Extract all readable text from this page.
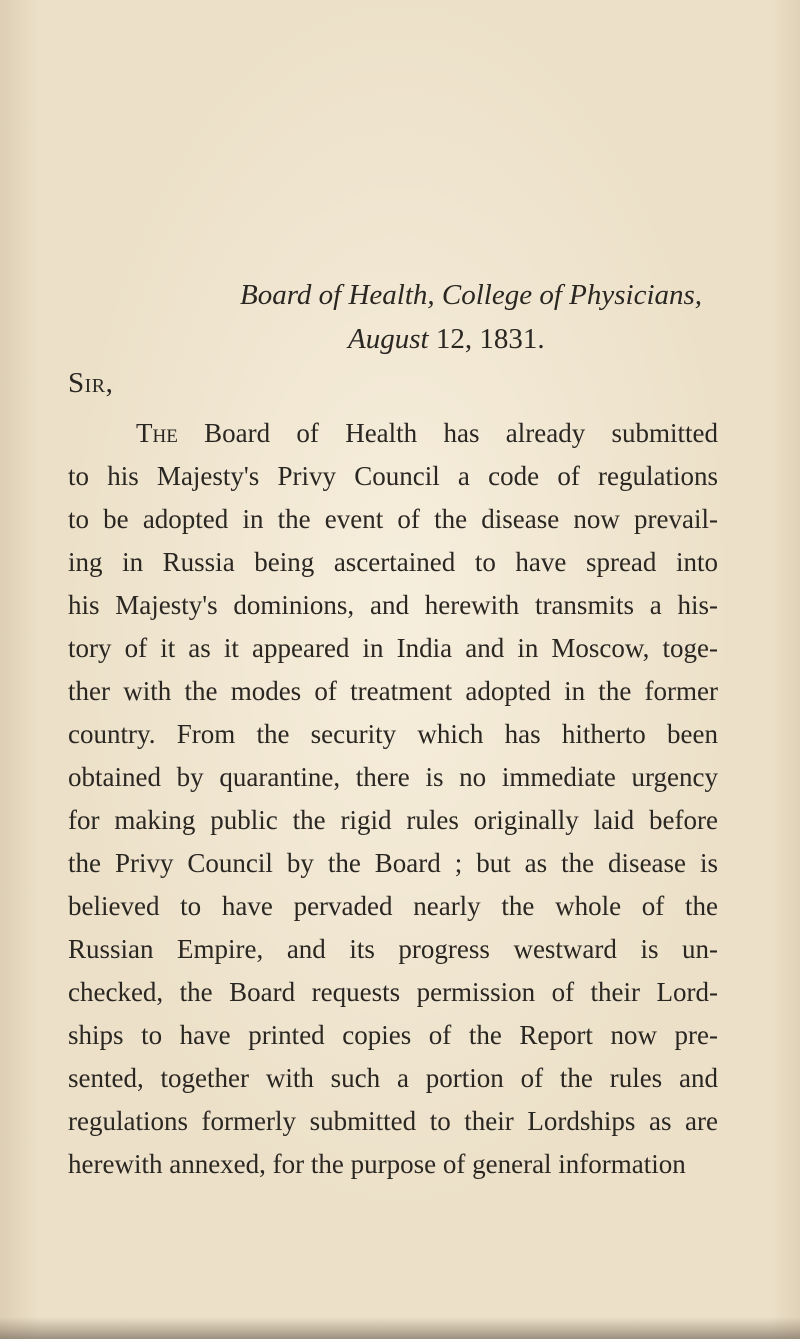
Board of Health, College of Physicians,
August 12, 1831.
Sir,
The Board of Health has already submitted
to his Majesty's Privy Council a code of regulations
to be adopted in the event of the disease now prevail-
ing in Russia being ascertained to have spread into
his Majesty's dominions, and herewith transmits a his-
tory of it as it appeared in India and in Moscow, toge-
ther with the modes of treatment adopted in the former
country. From the security which has hitherto been
obtained by quarantine, there is no immediate urgency
for making public the rigid rules originally laid before
the Privy Council by the Board ; but as the disease is
believed to have pervaded nearly the whole of the
Russian Empire, and its progress westward is un-
checked, the Board requests permission of their Lord-
ships to have printed copies of the Report now pre-
sented, together with such a portion of the rules and
regulations formerly submitted to their Lordships as are
herewith annexed, for the purpose of general information
